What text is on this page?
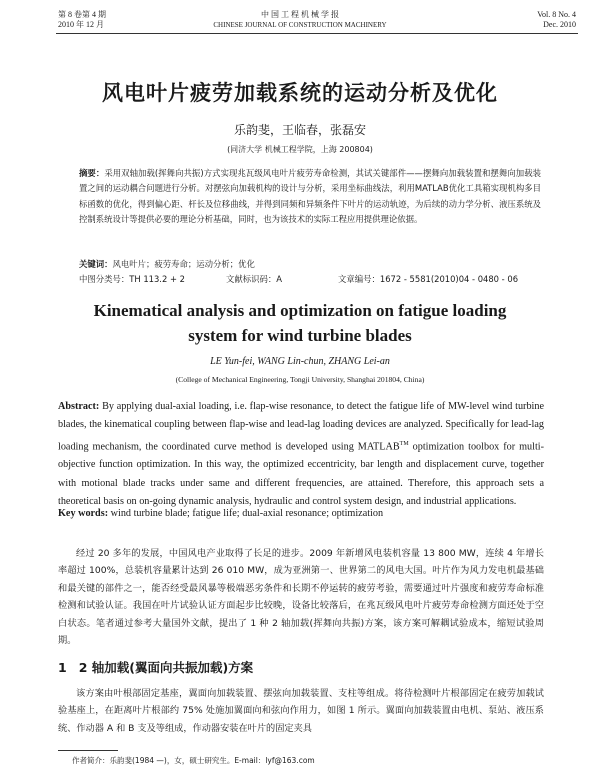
第 8 卷第 4 期
2010 年 12 月
中 国 工 程 机 械 学 报
CHINESE JOURNAL OF CONSTRUCTION MACHINERY
Vol. 8 No. 4
Dec. 2010
风电叶片疲劳加载系统的运动分析及优化
乐韵斐，王临春，张磊安
(同济大学 机械工程学院，上海 200804)
摘要：采用双轴加载(挥舞向共振)方式实现兆瓦级风电叶片疲劳寿命检测，其试关键部件——摆舞向加载装置和摆舞向加载装置之间的运动耦合问题进行分析。对摆弦向加载机构的设计与分析，采用坐标曲线法，利用MATLAB优化工具箱实现机构多目标函数的优化，得到偏心距、杆长及位移曲线，并得到同频和异频条件下叶片的运动轨迹，为后续的动力学分析、液压系统及控制系统设计等提供必要的理论分析基础，同时，也为该技术的实际工程应用提供理论依据。
关键词：风电叶片；疲劳寿命；运动分析；优化
中图分类号：TH 113.2 + 2	文献标识码：A	文章编号：1672 - 5581(2010)04 - 0480 - 06
Kinematical analysis and optimization on fatigue loading
system for wind turbine blades
LE Yun-fei, WANG Lin-chun, ZHANG Lei-an
(College of Mechanical Engineering, Tongji University, Shanghai 201804, China)
Abstract: By applying dual-axial loading, i.e. flap-wise resonance, to detect the fatigue life of MW-level wind turbine blades, the kinematical coupling between flap-wise and lead-lag loading devices are analyzed. Specifically for lead-lag loading mechanism, the coordinated curve method is developed using MATLAB™ optimization toolbox for multi-objective function optimization. In this way, the optimized eccentricity, bar length and displacement curve, together with motional blade tracks under same and different frequencies, are attained. Therefore, this approach sets a theoretical basis on on-going dynamic analysis, hydraulic and control system design, and industrial applications.
Key words: wind turbine blade; fatigue life; dual-axial resonance; optimization
经过 20 多年的发展，中国风电产业取得了长足的进步。2009 年新增风电装机容量 13 800 MW，连续 4 年增长率超过 100%，总装机容量累计达到 26 010 MW，成为亚洲第一、世界第二的风电大国。叶片作为风力发电机最基础和最关键的部件之一，能否经受最风暴等极端恶劣条件和长期不停运转的疲劳考验，需要通过叶片强度和疲劳寿命标准检测和试验认证。我国在叶片试验认证方面起步比较晚，设备比较落后，在兆瓦级风电叶片疲劳寿命检测方面还处于空白状态。笔者通过参考大量国外文献，提出了 1 种 2 轴加载(挥舞向共振)方案，该方案可解耦试验成本，缩短试验周期。
1 2 轴加载(翼面向共振加载)方案
该方案由叶根部固定基座，翼面向加载装置、摆弦向加载装置、支柱等组成。将待检测叶片根部固定在疲劳加载试验基座上，在距离叶片根部约 75% 处施加翼面向和弦向作用力，如图 1 所示。翼面向加载装置由电机、泵站、液压系统、作动器 A 和 B 支及等组成，作动器安装在叶片的固定夹具
作者简介：乐韵斐(1984 —)，女，硕士研究生。E-mail：lyf@163.com
